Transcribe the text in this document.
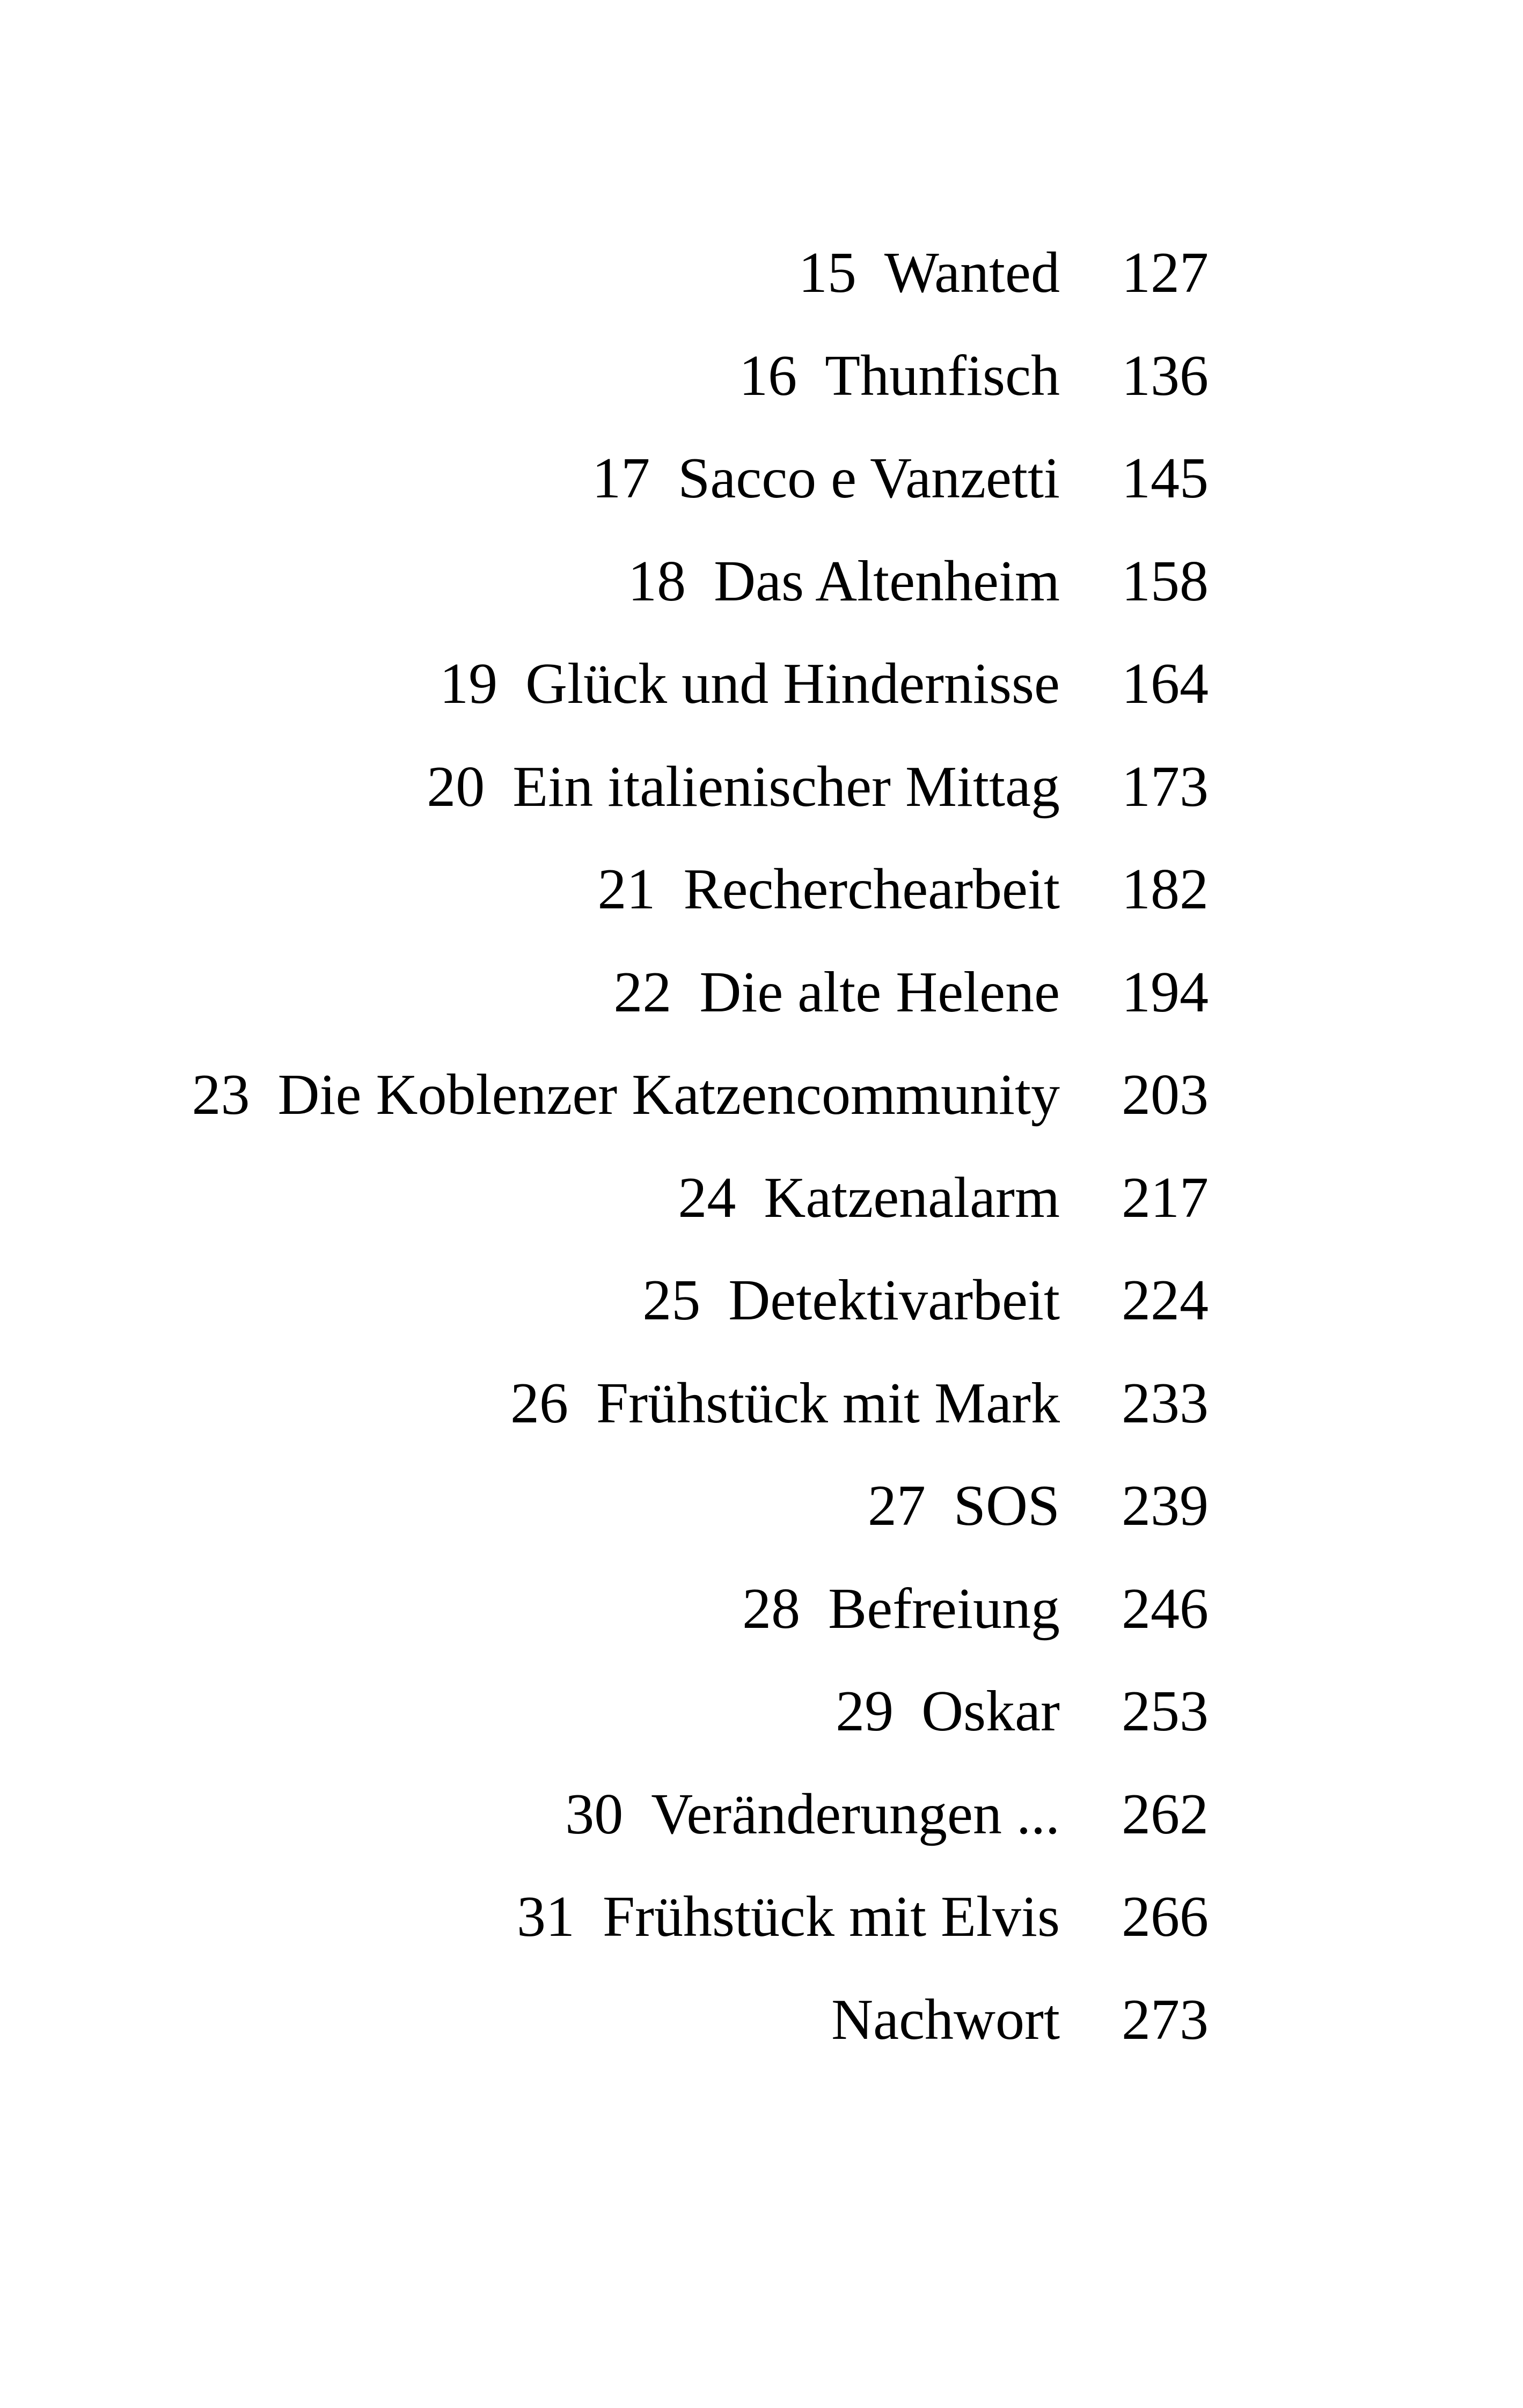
15 Wanted 127
16 Thunfisch 136
17 Sacco e Vanzetti 145
18 Das Altenheim 158
19 Glück und Hindernisse 164
20 Ein italienischer Mittag 173
21 Recherchearbeit 182
22 Die alte Helene 194
23 Die Koblenzer Katzencommunity 203
24 Katzenalarm 217
25 Detektivarbeit 224
26 Frühstück mit Mark 233
27 SOS 239
28 Befreiung 246
29 Oskar 253
30 Veränderungen ... 262
31 Frühstück mit Elvis 266
Nachwort 273
